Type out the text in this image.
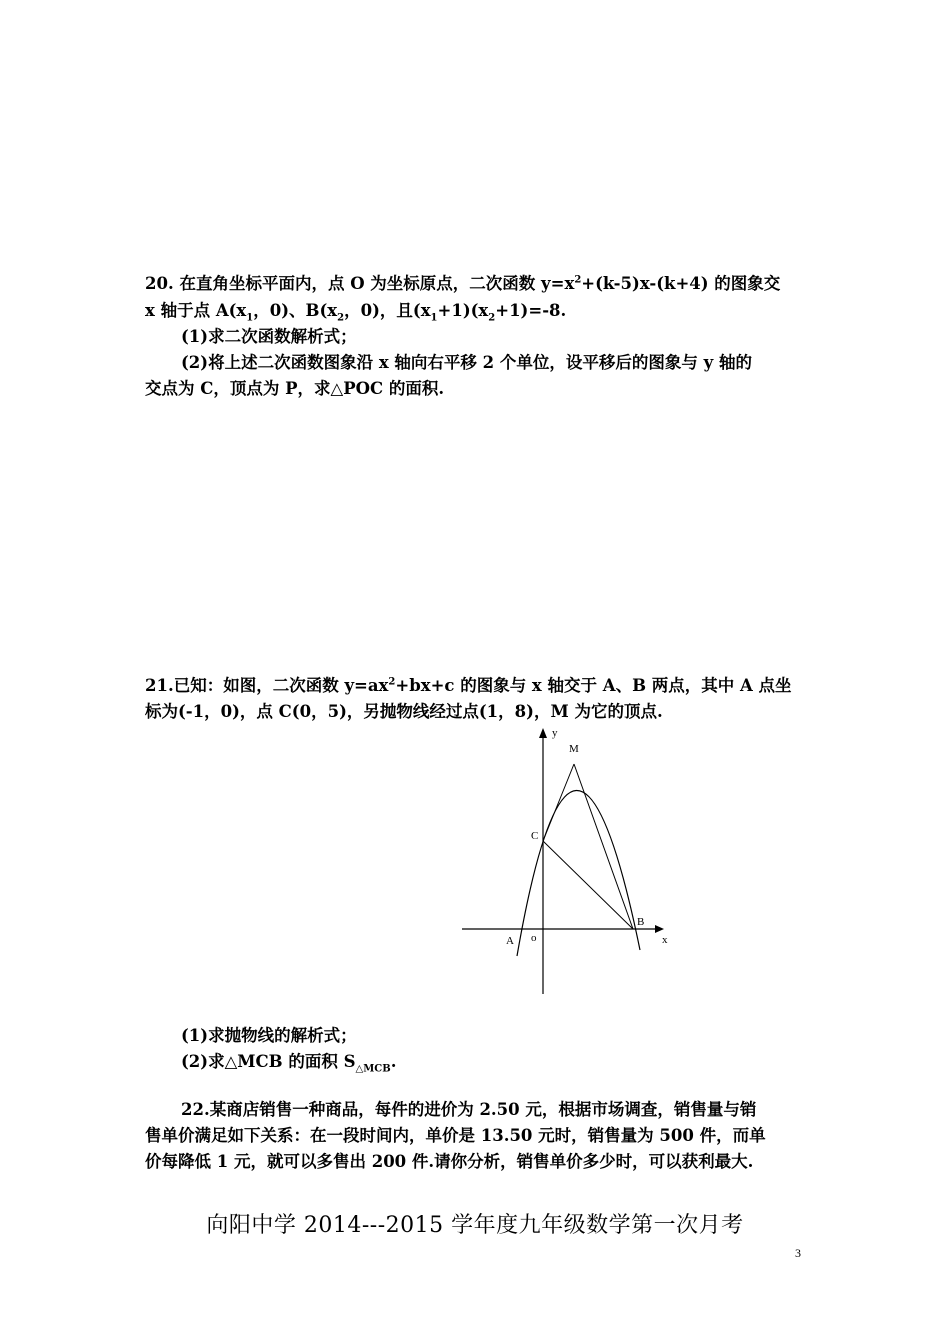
20. 在直角坐标平面内，点 O 为坐标原点，二次函数 $y=x^2+(k-5)x-(k+4)$ 的图象交

x 轴于点 $A(x_1$，0)、$B(x_2$，0)，且$(x_1+1)(x_2+1)=-8$.

(1)求二次函数解析式；

(2)将上述二次函数图象沿 x 轴向右平移 2 个单位，设平移后的图象与 y 轴的

交点为 C，顶点为 P，求△POC 的面积.

21.已知：如图，二次函数 $y=ax^2+bx+c$ 的图象与 x 轴交于 A、B 两点，其中 A 点坐

标为(-1，0)，点 C(0，5)，另抛物线经过点(1，8)，M 为它的顶点.

y
x
M
C
A o
B

(1)求抛物线的解析式；

(2)求△MCB 的面积 $S_{\triangle MCB}$.

22.某商店销售一种商品，每件的进价为 2.50 元，根据市场调查，销售量与销

售单价满足如下关系：在一段时间内，单价是 13.50 元时，销售量为 500 件，而单

价每降低 1 元，就可以多售出 200 件.请你分析，销售单价多少时，可以获利最大.

向阳中学 2014---2015 学年度九年级数学第一次月考
3
